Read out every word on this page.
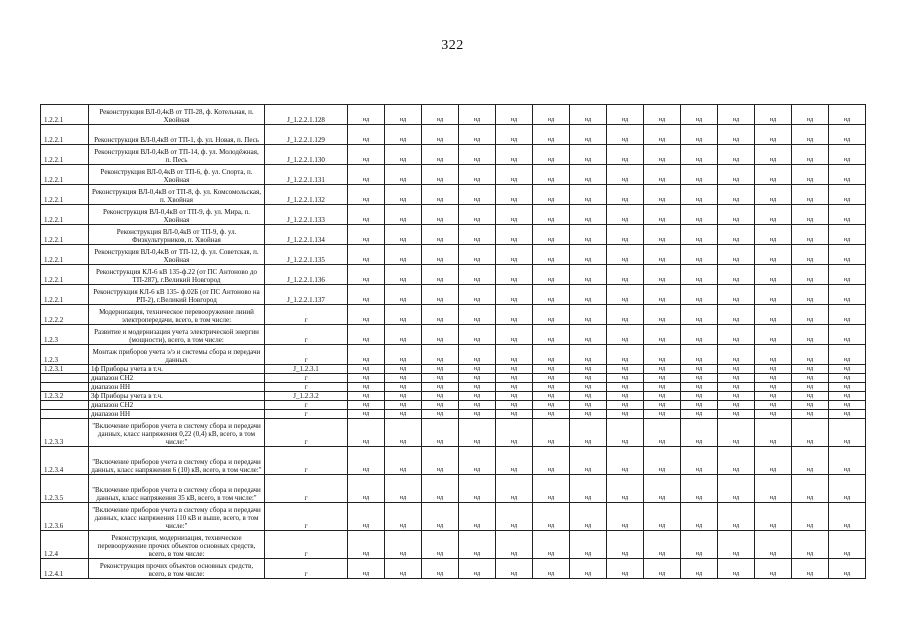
322
1.2.2.1	Реконструкция ВЛ-0,4кВ от ТП-28, ф. Котельная, п. Хвойная	J_1.2.2.1.128	нд	нд	нд	нд	нд	нд	нд	нд	нд	нд	нд	нд	нд	нд
1.2.2.1	Реконструкция ВЛ-0,4кВ от ТП-1, ф. ул. Новая, п. Песь	J_1.2.2.1.129	нд	нд	нд	нд	нд	нд	нд	нд	нд	нд	нд	нд	нд	нд
1.2.2.1	Реконструкция ВЛ-0,4кВ от ТП-14, ф. ул. Молодёжная, п. Песь	J_1.2.2.1.130	нд	нд	нд	нд	нд	нд	нд	нд	нд	нд	нд	нд	нд	нд
1.2.2.1	Реконструкция ВЛ-0,4кВ от ТП-6, ф. ул. Спорта, п. Хвойная	J_1.2.2.1.131	нд	нд	нд	нд	нд	нд	нд	нд	нд	нд	нд	нд	нд	нд
1.2.2.1	Реконструкция ВЛ-0,4кВ от ТП-8, ф. ул. Комсомольская, п. Хвойная	J_1.2.2.1.132	нд	нд	нд	нд	нд	нд	нд	нд	нд	нд	нд	нд	нд	нд
1.2.2.1	Реконструкция ВЛ-0,4кВ от ТП-9, ф. ул. Мира, п. Хвойная	J_1.2.2.1.133	нд	нд	нд	нд	нд	нд	нд	нд	нд	нд	нд	нд	нд	нд
1.2.2.1	Реконструкция ВЛ-0,4кВ от ТП-9, ф. ул. Физкультурников, п. Хвойная	J_1.2.2.1.134	нд	нд	нд	нд	нд	нд	нд	нд	нд	нд	нд	нд	нд	нд
1.2.2.1	Реконструкция ВЛ-0,4кВ от ТП-12, ф. ул. Советская, п. Хвойная	J_1.2.2.1.135	нд	нд	нд	нд	нд	нд	нд	нд	нд	нд	нд	нд	нд	нд
1.2.2.1	Реконструкция КЛ-6 кВ 135-ф.22 (от ПС Антоново до ТП-287), г.Великий Новгород	J_1.2.2.1.136	нд	нд	нд	нд	нд	нд	нд	нд	нд	нд	нд	нд	нд	нд
1.2.2.1	Реконструкция КЛ-6 кВ 135- ф.02Б (от ПС Антоново на РП-2), г.Великий Новгород	J_1.2.2.1.137	нд	нд	нд	нд	нд	нд	нд	нд	нд	нд	нд	нд	нд	нд
1.2.2.2	Модернизация, техническое перевооружение линий электропередачи, всего, в том числе:	г	нд	нд	нд	нд	нд	нд	нд	нд	нд	нд	нд	нд	нд	нд
1.2.3	Развитие и модернизация учета электрической энергии (мощности), всего, в том числе:	г	нд	нд	нд	нд	нд	нд	нд	нд	нд	нд	нд	нд	нд	нд
1.2.3	Монтаж приборов учета э/э и системы сбора и передачи данных	г	нд	нд	нд	нд	нд	нд	нд	нд	нд	нд	нд	нд	нд	нд
1.2.3.1	1ф Приборы учета в т.ч.	J_1.2.3.1	нд	нд	нд	нд	нд	нд	нд	нд	нд	нд	нд	нд	нд	нд
	диапазон СН2	г	нд	нд	нд	нд	нд	нд	нд	нд	нд	нд	нд	нд	нд	нд
	диапазон НН	г	нд	нд	нд	нд	нд	нд	нд	нд	нд	нд	нд	нд	нд	нд
1.2.3.2	3ф Приборы учета в т.ч.	J_1.2.3.2	нд	нд	нд	нд	нд	нд	нд	нд	нд	нд	нд	нд	нд	нд
	диапазон СН2	г	нд	нд	нд	нд	нд	нд	нд	нд	нд	нд	нд	нд	нд	нд
	диапазон НН	г	нд	нд	нд	нд	нд	нд	нд	нд	нд	нд	нд	нд	нд	нд
1.2.3.3	"Включение приборов учета в систему сбора и передачи данных, класс напряжения 0,22 (0,4) кВ, всего, в том числе:"	г	нд	нд	нд	нд	нд	нд	нд	нд	нд	нд	нд	нд	нд	нд
1.2.3.4	"Включение приборов учета в систему сбора и передачи данных, класс напряжения 6 (10) кВ, всего, в том числе:"	г	нд	нд	нд	нд	нд	нд	нд	нд	нд	нд	нд	нд	нд	нд
1.2.3.5	"Включение приборов учета в систему сбора и передачи данных, класс напряжения 35 кВ, всего, в том числе:"	г	нд	нд	нд	нд	нд	нд	нд	нд	нд	нд	нд	нд	нд	нд
1.2.3.6	"Включение приборов учета в систему сбора и передачи данных, класс напряжения 110 кВ и выше, всего, в том числе:"	г	нд	нд	нд	нд	нд	нд	нд	нд	нд	нд	нд	нд	нд	нд
1.2.4	Реконструкция, модернизация, техническое перевооружение прочих объектов основных средств, всего, в том числе:	г	нд	нд	нд	нд	нд	нд	нд	нд	нд	нд	нд	нд	нд	нд
1.2.4.1	Реконструкция прочих объектов основных средств, всего, в том числе:	г	нд	нд	нд	нд	нд	нд	нд	нд	нд	нд	нд	нд	нд	нд
